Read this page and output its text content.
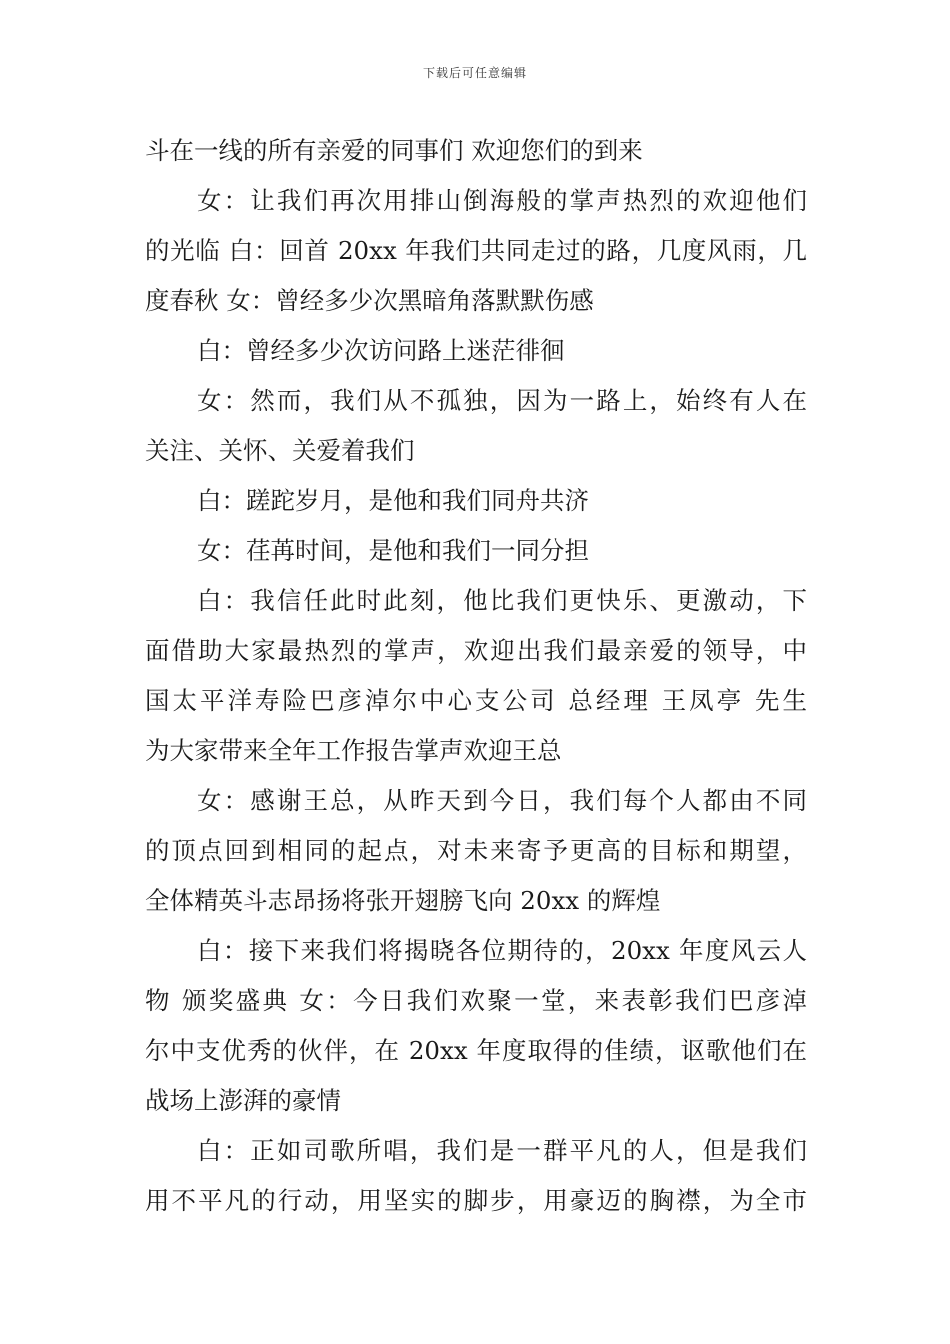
下载后可任意编辑
斗在一线的所有亲爱的同事们 欢迎您们的到来
女：让我们再次用排山倒海般的掌声热烈的欢迎他们
的光临 白：回首 20xx 年我们共同走过的路，几度风雨，几
度春秋 女：曾经多少次黑暗角落默默伤感
白：曾经多少次访问路上迷茫徘徊
女：然而，我们从不孤独，因为一路上，始终有人在
关注、关怀、关爱着我们
白：蹉跎岁月，是他和我们同舟共济
女：荏苒时间，是他和我们一同分担
白：我信任此时此刻，他比我们更快乐、更激动，下
面借助大家最热烈的掌声，欢迎出我们最亲爱的领导，中
国太平洋寿险巴彦淖尔中心支公司 总经理 王凤亭 先生
为大家带来全年工作报告掌声欢迎王总
女：感谢王总，从昨天到今日，我们每个人都由不同
的顶点回到相同的起点，对未来寄予更高的目标和期望，
全体精英斗志昂扬将张开翅膀飞向 20xx 的辉煌
白：接下来我们将揭晓各位期待的，20xx 年度风云人
物 颁奖盛典 女：今日我们欢聚一堂，来表彰我们巴彦淖
尔中支优秀的伙伴，在 20xx 年度取得的佳绩，讴歌他们在
战场上澎湃的豪情
白：正如司歌所唱，我们是一群平凡的人，但是我们
用不平凡的行动，用坚实的脚步，用豪迈的胸襟，为全市
